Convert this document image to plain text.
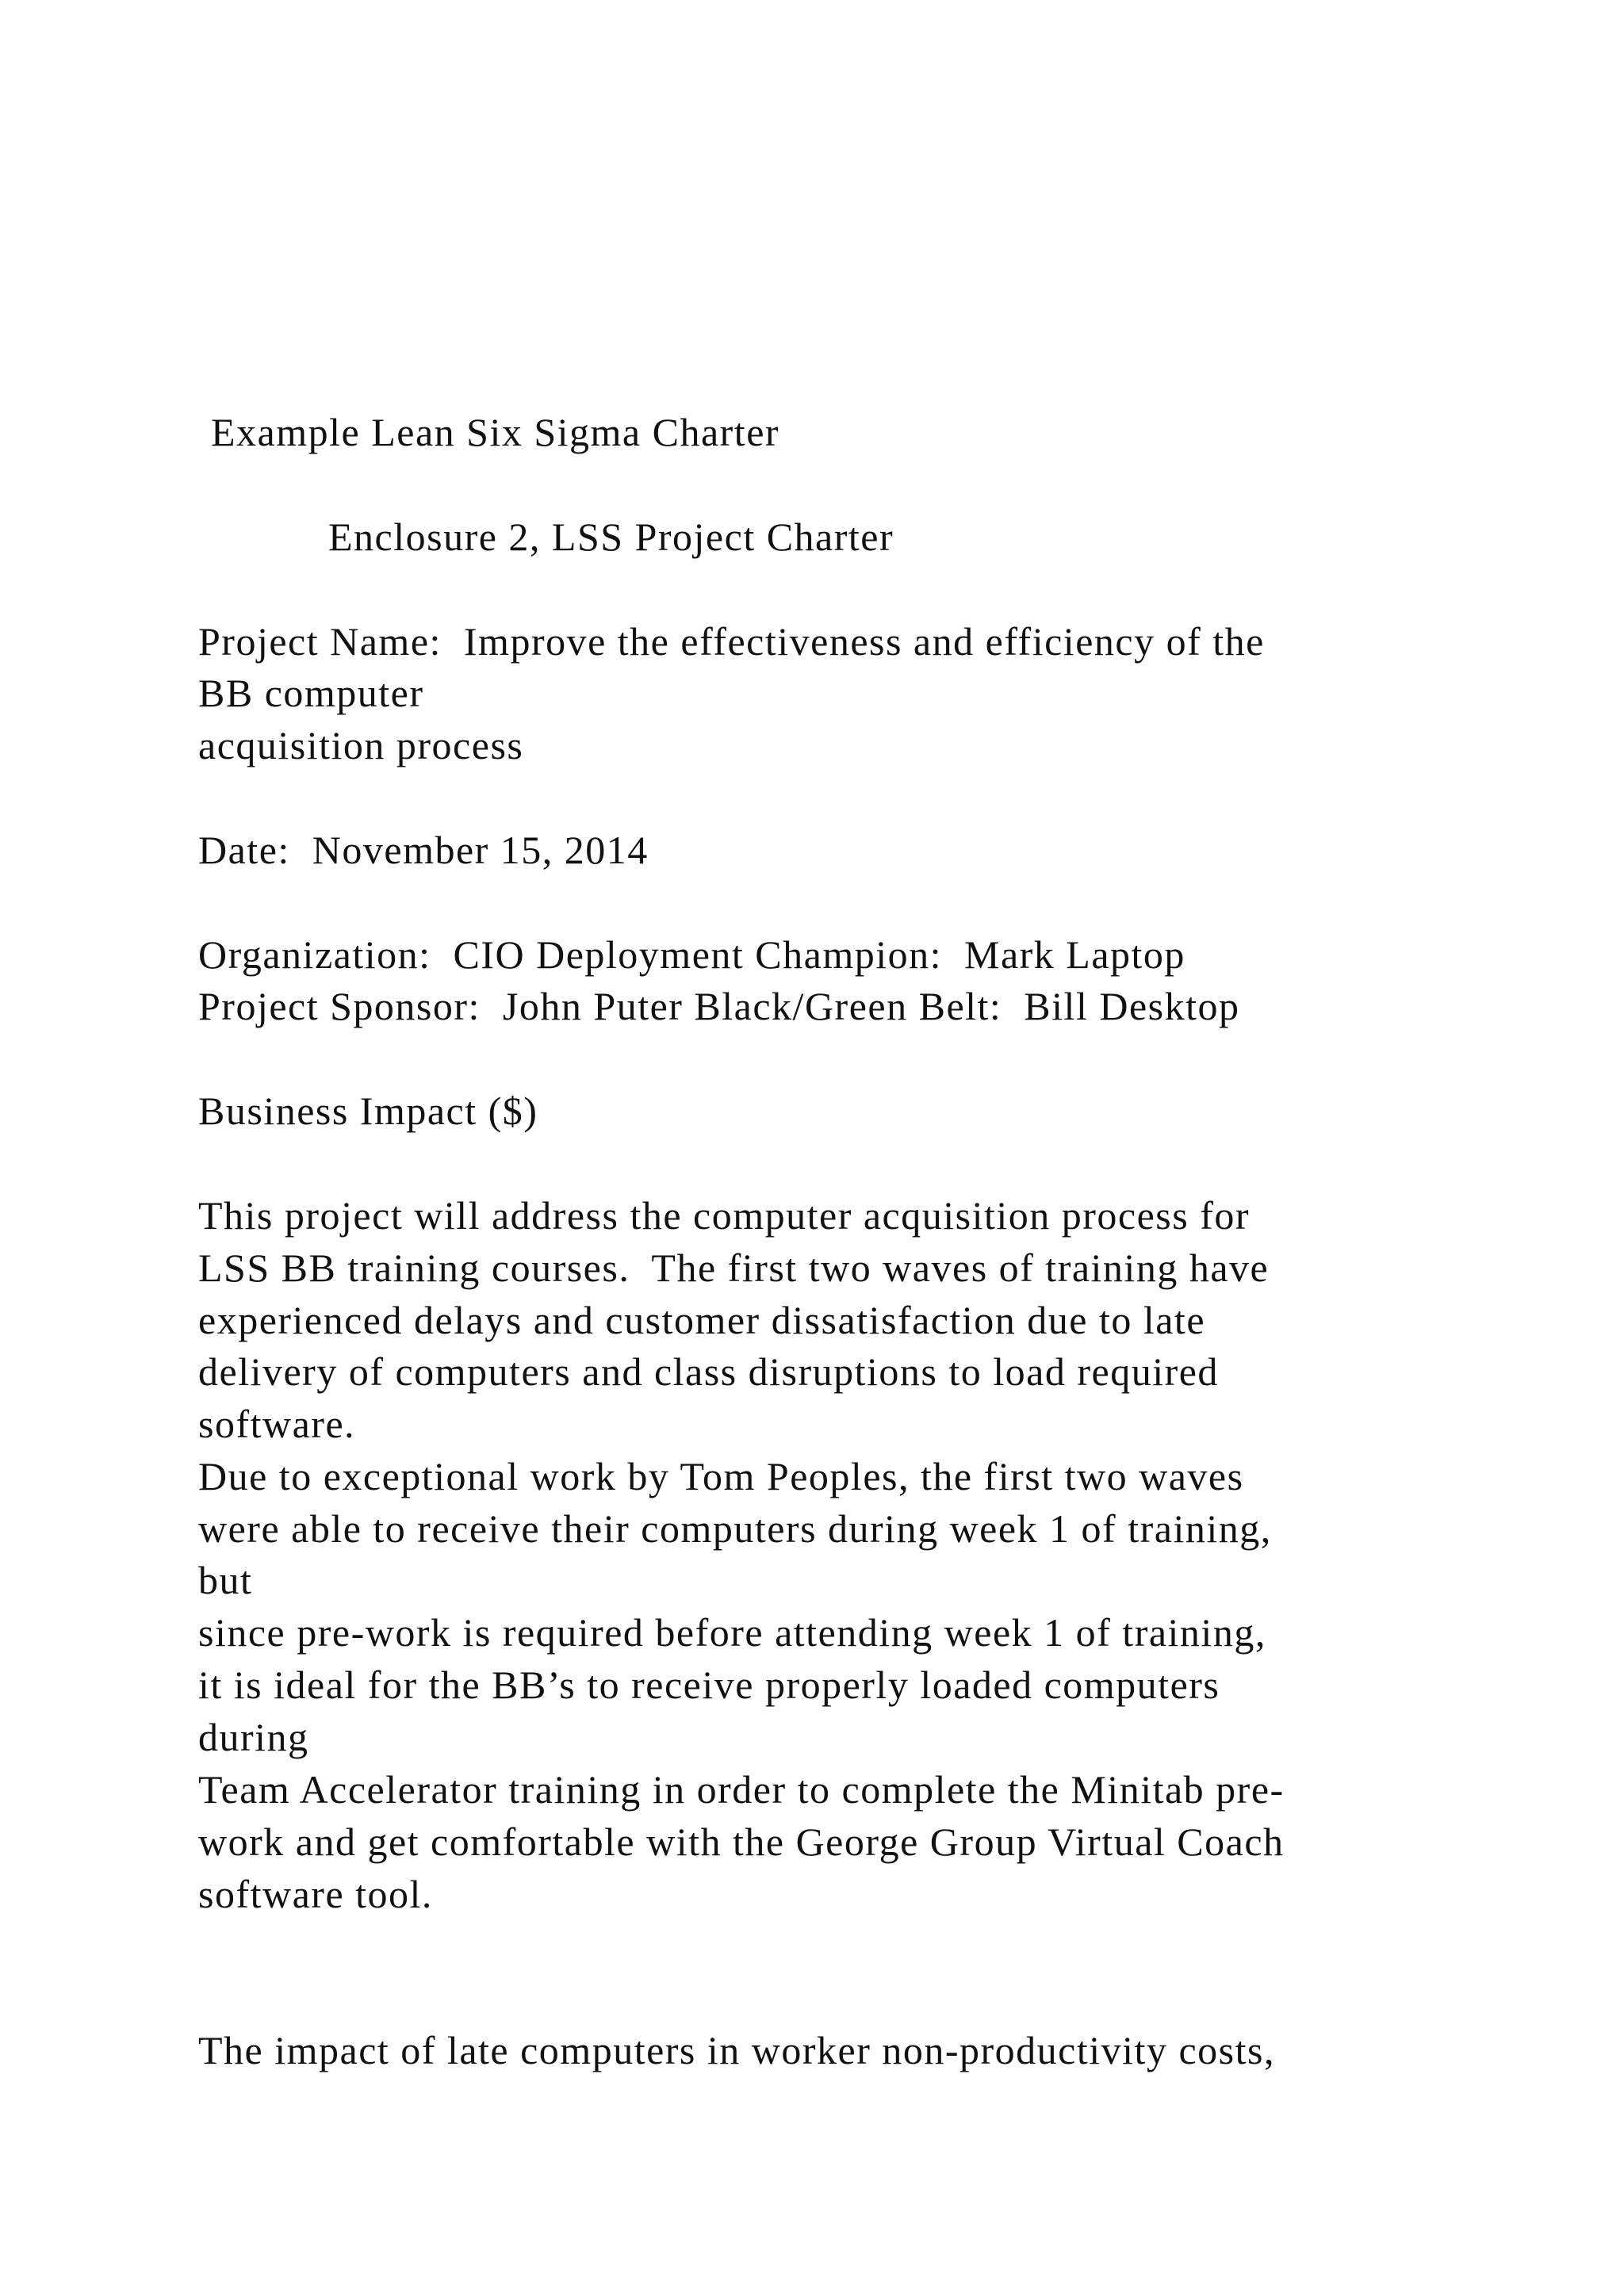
Example Lean Six Sigma Charter
Enclosure 2, LSS Project Charter
Project Name:  Improve the effectiveness and efficiency of the
BB computer
acquisition process
Date:  November 15, 2014
Organization:  CIO Deployment Champion:  Mark Laptop
Project Sponsor:  John Puter Black/Green Belt:  Bill Desktop
Business Impact ($)
This project will address the computer acquisition process for
LSS BB training courses.  The first two waves of training have
experienced delays and customer dissatisfaction due to late
delivery of computers and class disruptions to load required
software.
Due to exceptional work by Tom Peoples, the first two waves
were able to receive their computers during week 1 of training,
but
since pre-work is required before attending week 1 of training,
it is ideal for the BB’s to receive properly loaded computers
during
Team Accelerator training in order to complete the Minitab pre-
work and get comfortable with the George Group Virtual Coach
software tool.
The impact of late computers in worker non-productivity costs,
